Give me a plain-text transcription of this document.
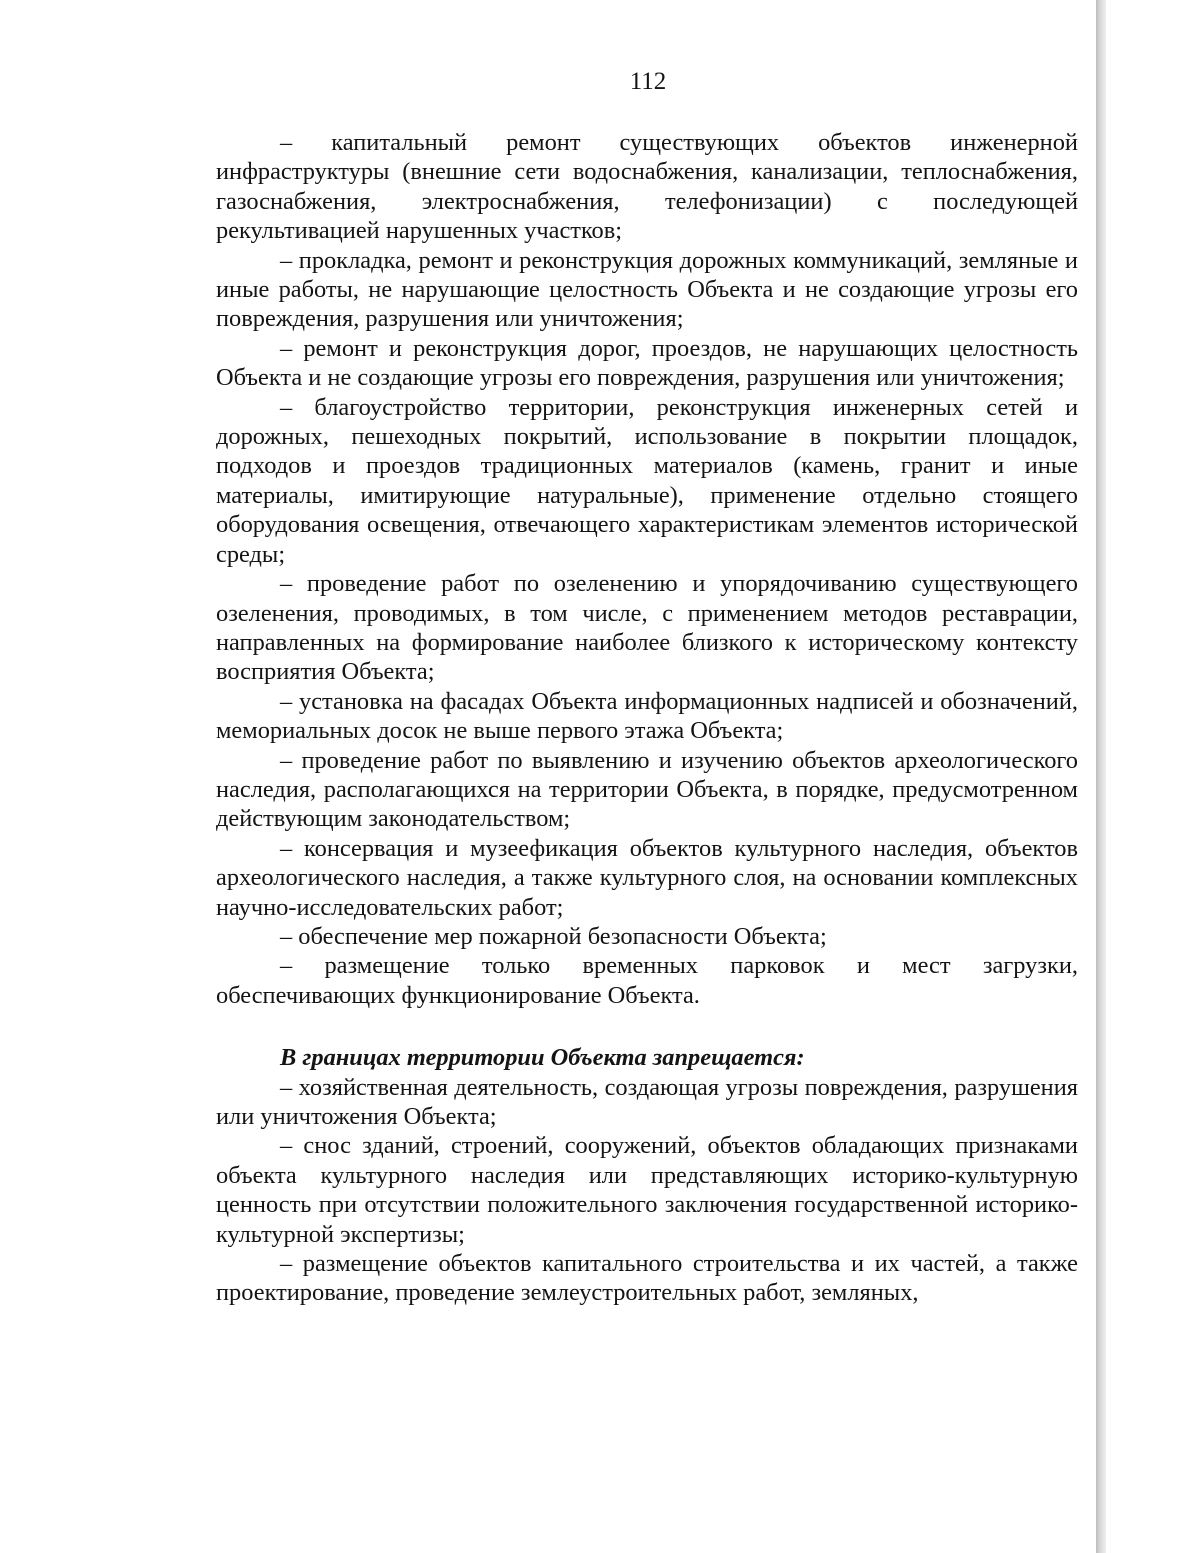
112

– капитальный ремонт существующих объектов инженерной инфраструктуры (внешние сети водоснабжения, канализации, теплоснабжения, газоснабжения, электроснабжения, телефонизации) с последующей рекультивацией нарушенных участков;

– прокладка, ремонт и реконструкция дорожных коммуникаций, земляные и иные работы, не нарушающие целостность Объекта и не создающие угрозы его повреждения, разрушения или уничтожения;

– ремонт и реконструкция дорог, проездов, не нарушающих целостность Объекта и не создающие угрозы его повреждения, разрушения или уничтожения;

– благоустройство территории, реконструкция инженерных сетей и дорожных, пешеходных покрытий, использование в покрытии площадок, подходов и проездов традиционных материалов (камень, гранит и иные материалы, имитирующие натуральные), применение отдельно стоящего оборудования освещения, отвечающего характеристикам элементов исторической среды;

– проведение работ по озеленению и упорядочиванию существующего озеленения, проводимых, в том числе, с применением методов реставрации, направленных на формирование наиболее близкого к историческому контексту восприятия Объекта;

– установка на фасадах Объекта информационных надписей и обозначений, мемориальных досок не выше первого этажа Объекта;

– проведение работ по выявлению и изучению объектов археологического наследия, располагающихся на территории Объекта, в порядке, предусмотренном действующим законодательством;

– консервация и музеефикация объектов культурного наследия, объектов археологического наследия, а также культурного слоя, на основании комплексных научно-исследовательских работ;

– обеспечение мер пожарной безопасности Объекта;

– размещение только временных парковок и мест загрузки, обеспечивающих функционирование Объекта.

В границах территории Объекта запрещается:

– хозяйственная деятельность, создающая угрозы повреждения, разрушения или уничтожения Объекта;

– снос зданий, строений, сооружений, объектов обладающих признаками объекта культурного наследия или представляющих историко-культурную ценность при отсутствии положительного заключения государственной историко-культурной экспертизы;

– размещение объектов капитального строительства и их частей, а также проектирование, проведение землеустроительных работ, земляных,
